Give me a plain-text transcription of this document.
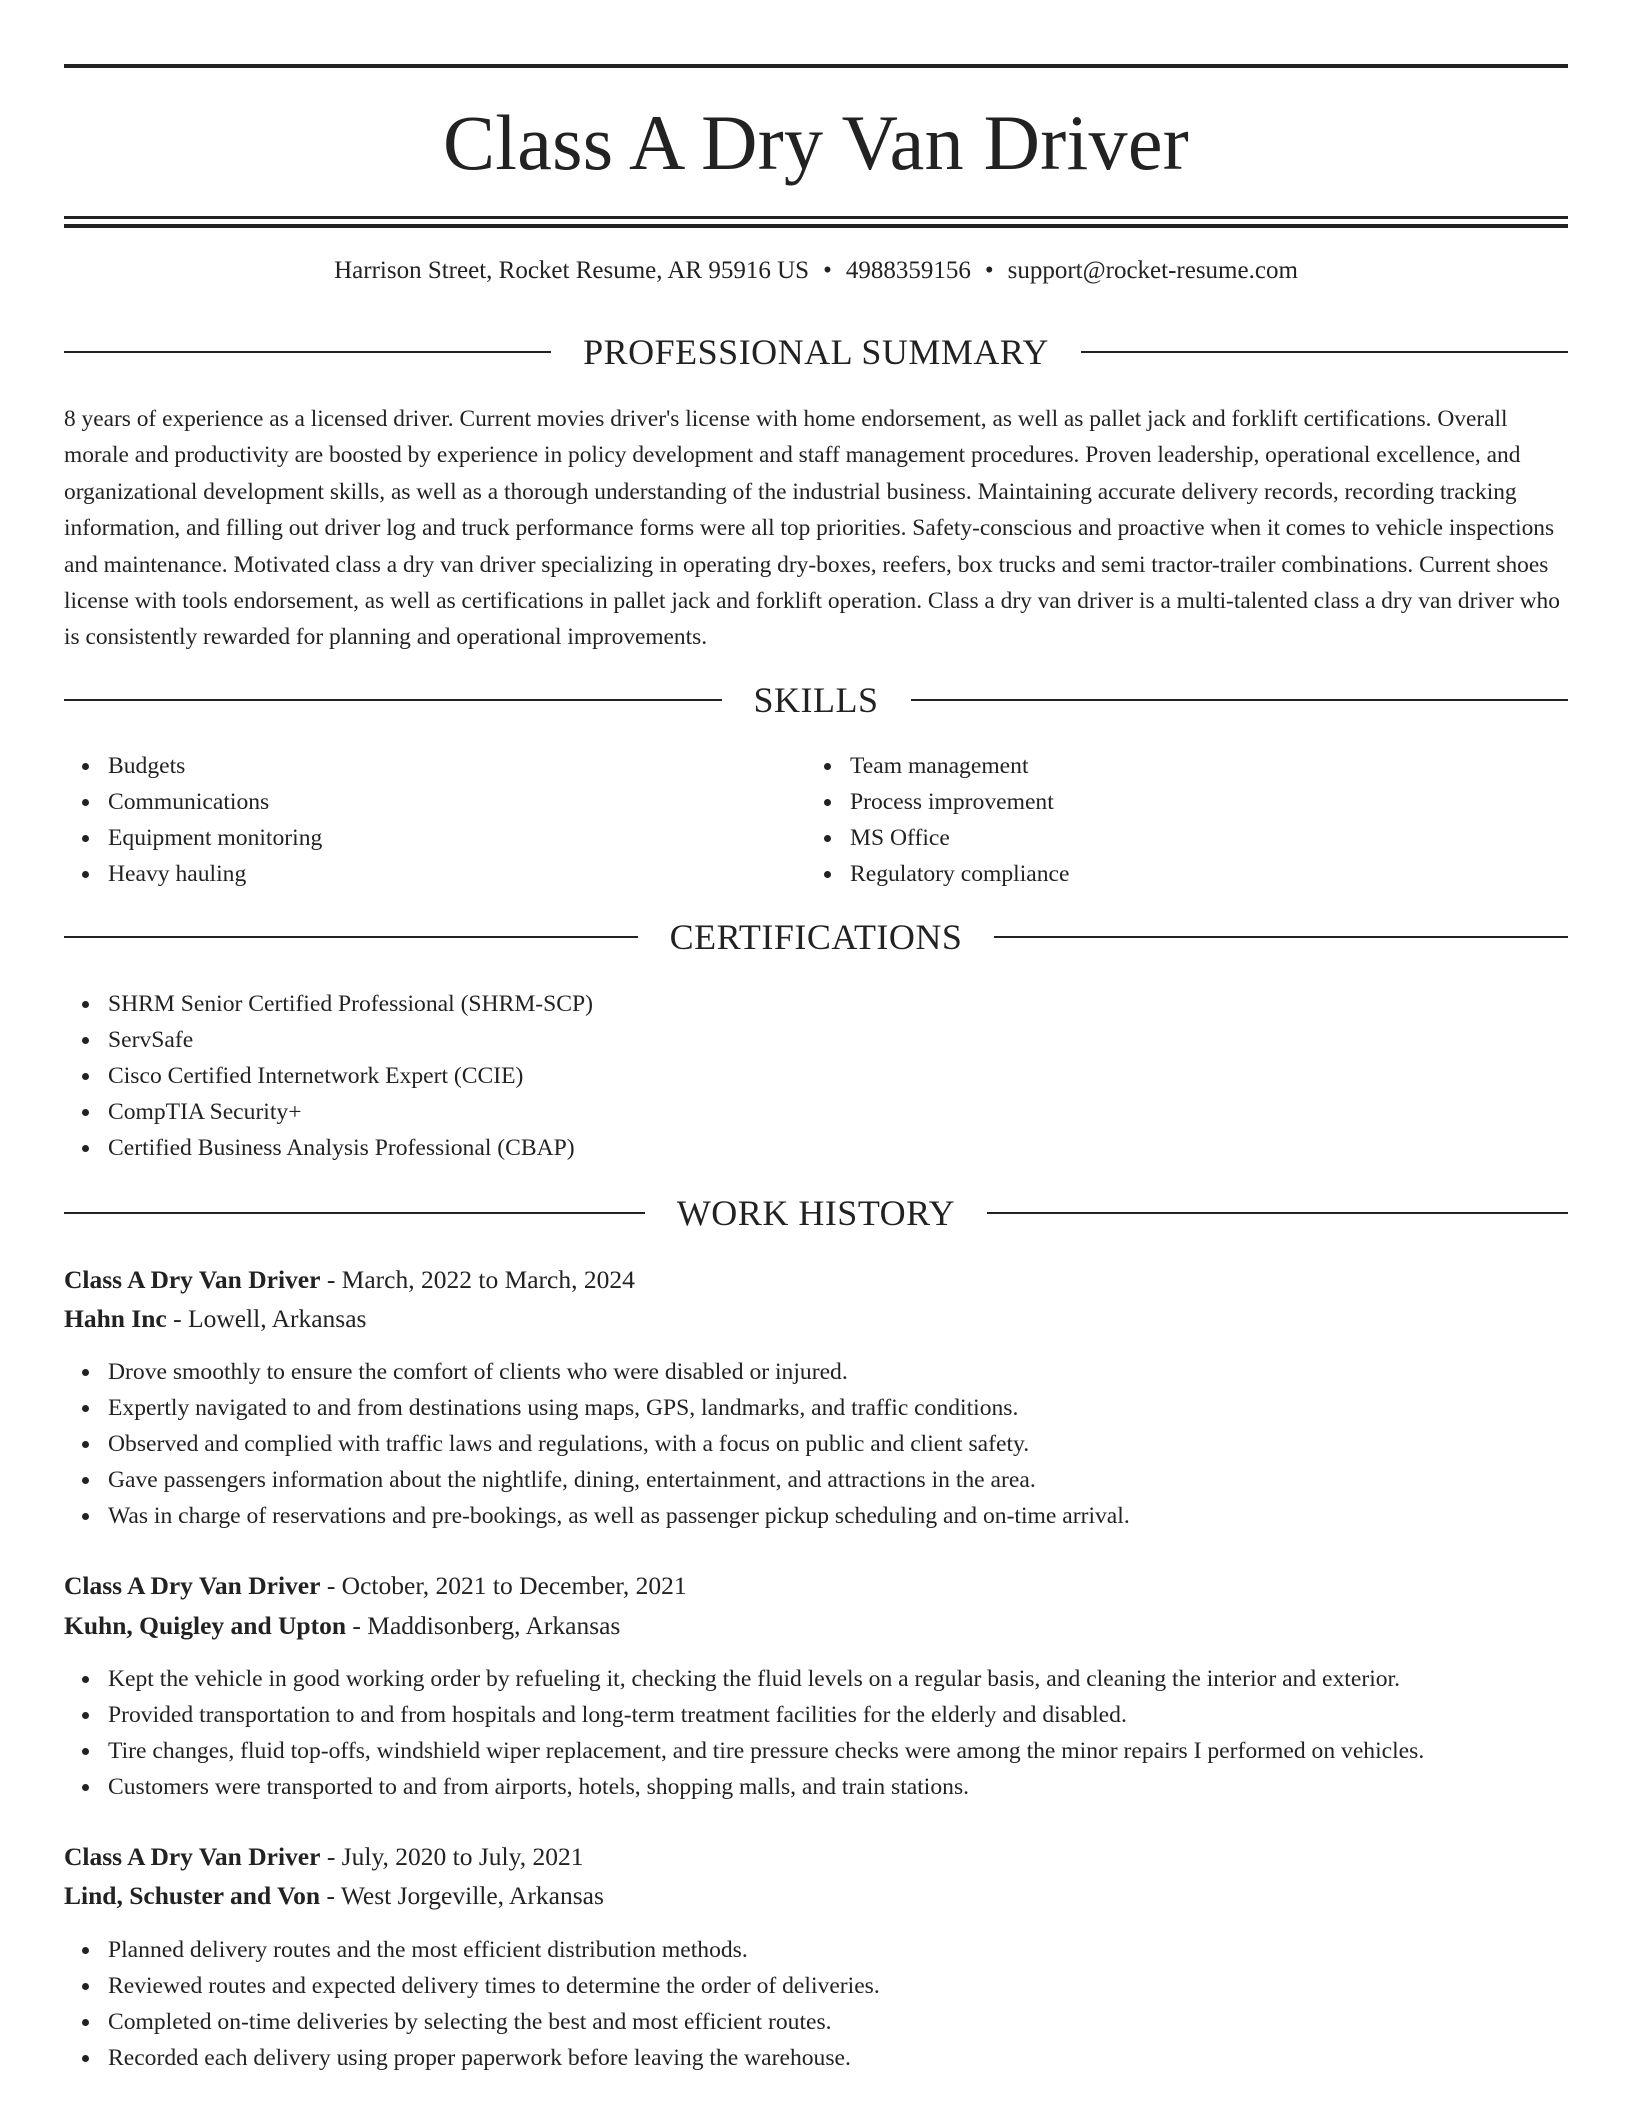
Class A Dry Van Driver
Harrison Street, Rocket Resume, AR 95916 US • 4988359156 • support@rocket-resume.com
PROFESSIONAL SUMMARY

8 years of experience as a licensed driver. Current movies driver's license with home endorsement, as well as pallet jack and forklift certifications. Overall morale and productivity are boosted by experience in policy development and staff management procedures. Proven leadership, operational excellence, and organizational development skills, as well as a thorough understanding of the industrial business. Maintaining accurate delivery records, recording tracking information, and filling out driver log and truck performance forms were all top priorities. Safety-conscious and proactive when it comes to vehicle inspections and maintenance. Motivated class a dry van driver specializing in operating dry-boxes, reefers, box trucks and semi tractor-trailer combinations. Current shoes license with tools endorsement, as well as certifications in pallet jack and forklift operation. Class a dry van driver is a multi-talented class a dry van driver who is consistently rewarded for planning and operational improvements.

SKILLS
Budgets
Communications
Equipment monitoring
Heavy hauling
Team management
Process improvement
MS Office
Regulatory compliance
CERTIFICATIONS
SHRM Senior Certified Professional (SHRM-SCP)
ServSafe
Cisco Certified Internetwork Expert (CCIE)
CompTIA Security+
Certified Business Analysis Professional (CBAP)
WORK HISTORY
Class A Dry Van Driver - March, 2022 to March, 2024
Hahn Inc - Lowell, Arkansas
Drove smoothly to ensure the comfort of clients who were disabled or injured.
Expertly navigated to and from destinations using maps, GPS, landmarks, and traffic conditions.
Observed and complied with traffic laws and regulations, with a focus on public and client safety.
Gave passengers information about the nightlife, dining, entertainment, and attractions in the area.
Was in charge of reservations and pre-bookings, as well as passenger pickup scheduling and on-time arrival.
Class A Dry Van Driver - October, 2021 to December, 2021
Kuhn, Quigley and Upton - Maddisonberg, Arkansas
Kept the vehicle in good working order by refueling it, checking the fluid levels on a regular basis, and cleaning the interior and exterior.
Provided transportation to and from hospitals and long-term treatment facilities for the elderly and disabled.
Tire changes, fluid top-offs, windshield wiper replacement, and tire pressure checks were among the minor repairs I performed on vehicles.
Customers were transported to and from airports, hotels, shopping malls, and train stations.
Class A Dry Van Driver - July, 2020 to July, 2021
Lind, Schuster and Von - West Jorgeville, Arkansas
Planned delivery routes and the most efficient distribution methods.
Reviewed routes and expected delivery times to determine the order of deliveries.
Completed on-time deliveries by selecting the best and most efficient routes.
Recorded each delivery using proper paperwork before leaving the warehouse.
